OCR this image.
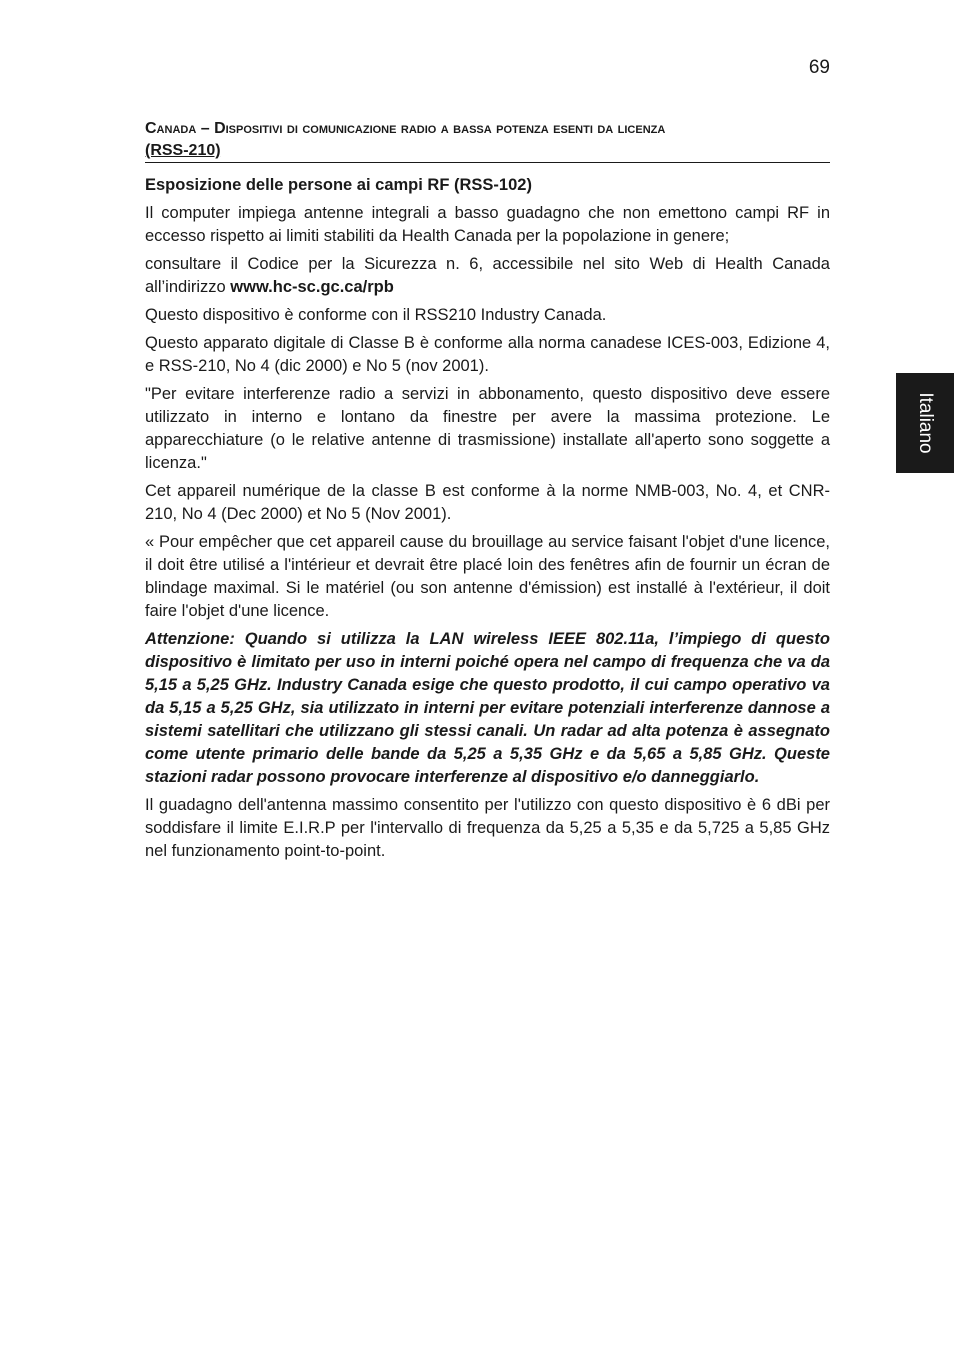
69
Italiano
Canada – Dispositivi di comunicazione radio a bassa potenza esenti da licenza
(RSS-210)
Esposizione delle persone ai campi RF (RSS-102)

Il computer impiega antenne integrali a basso guadagno che non emettono campi RF in eccesso rispetto ai limiti stabiliti da Health Canada per la popolazione in genere;

consultare il Codice per la Sicurezza n. 6, accessibile nel sito Web di Health Canada all’indirizzo www.hc-sc.gc.ca/rpb

Questo dispositivo è conforme con il RSS210 Industry Canada.

Questo apparato digitale di Classe B è conforme alla norma canadese ICES-003, Edizione 4, e RSS-210, No 4 (dic 2000) e No 5 (nov 2001).

"Per evitare interferenze radio a servizi in abbonamento, questo dispositivo deve essere utilizzato in interno e lontano da finestre per avere la massima protezione. Le apparecchiature (o le relative antenne di trasmissione) installate all'aperto sono soggette a licenza."

Cet appareil numérique de la classe B est conforme à la norme NMB-003, No. 4, et CNR-210, No 4 (Dec 2000) et No 5 (Nov 2001).

« Pour empêcher que cet appareil cause du brouillage au service faisant l'objet d'une licence, il doit être utilisé a l'intérieur et devrait être placé loin des fenêtres afin de fournir un écran de blindage maximal. Si le matériel (ou son antenne d'émission) est installé à l'extérieur, il doit faire l'objet d'une licence.

Attenzione: Quando si utilizza la LAN wireless IEEE 802.11a, l’impiego di questo dispositivo è limitato per uso in interni poiché opera nel campo di frequenza che va da 5,15 a 5,25 GHz. Industry Canada esige che questo prodotto, il cui campo operativo va da 5,15 a 5,25 GHz, sia utilizzato in interni per evitare potenziali interferenze dannose a sistemi satellitari che utilizzano gli stessi canali. Un radar ad alta potenza è assegnato come utente primario delle bande da 5,25 a 5,35 GHz e da 5,65 a 5,85 GHz. Queste stazioni radar possono provocare interferenze al dispositivo e/o danneggiarlo.

Il guadagno dell'antenna massimo consentito per l'utilizzo con questo dispositivo è 6 dBi per soddisfare il limite E.I.R.P per l'intervallo di frequenza da 5,25 a 5,35 e da 5,725 a 5,85 GHz nel funzionamento point-to-point.
